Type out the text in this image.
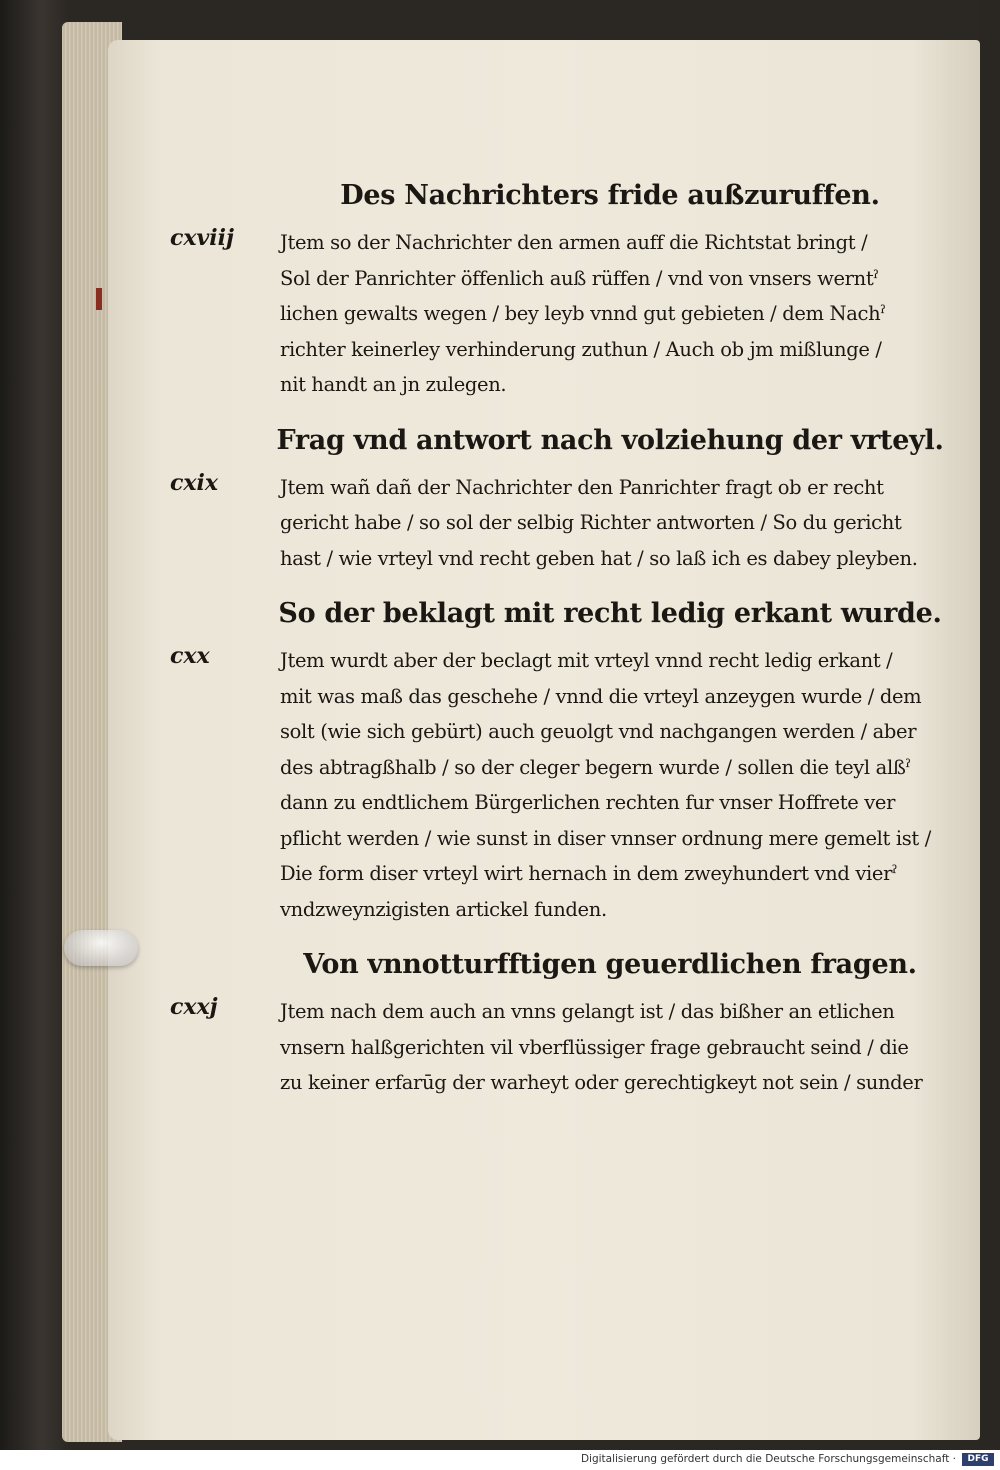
Des Nachrichters fride außzuruffen.
cxviij Jtem so der Nachrichter den armen auff die Richtstat bringt /
Sol der Panrichter öffenlich auß rüffen / vnd von vnsers werntˀ
lichen gewalts wegen / bey leyb vnnd gut gebieten / dem Nachˀ
richter keinerley verhinderung zuthun / Auch ob jm mißlunge /
nit handt an jn zulegen.
Frag vnd antwort nach volziehung der vrteyl.
cxix	Jtem wañ dañ der Nachrichter den Panrichter fragt ob er recht
gericht habe / so sol der selbig Richter antworten / So du gericht
hast / wie vrteyl vnd recht geben hat / so laß ich es dabey pleyben.
So der beklagt mit recht ledig erkant wurde.
cxx	Jtem wurdt aber der beclagt mit vrteyl vnnd recht ledig erkant /
mit was maß das geschehe / vnnd die vrteyl anzeygen wurde / dem
solt (wie sich gebürt) auch geuolgt vnd nachgangen werden / aber
des abtragßhalb / so der cleger begern wurde / sollen die teyl alßˀ
dann zu endtlichem Bürgerlichen rechten fur vnser Hoffrete ver
pflicht werden / wie sunst in diser vnnser ordnung mere gemelt ist /
Die form diser vrteyl wirt hernach in dem zweyhundert vnd vierˀ
vndzweynzigisten artickel funden.
Von vnnotturfftigen geuerdlichen fragen.
cxxj	Jtem nach dem auch an vnns gelangt ist / das bißher an etlichen
vnsern halßgerichten vil vberflüssiger frage gebraucht seind / die
zu keiner erfarūg der warheyt oder gerechtigkeyt not sein / sunder
Digitalisierung gefördert durch die Deutsche Forschungsgemeinschaft ·	DFG
